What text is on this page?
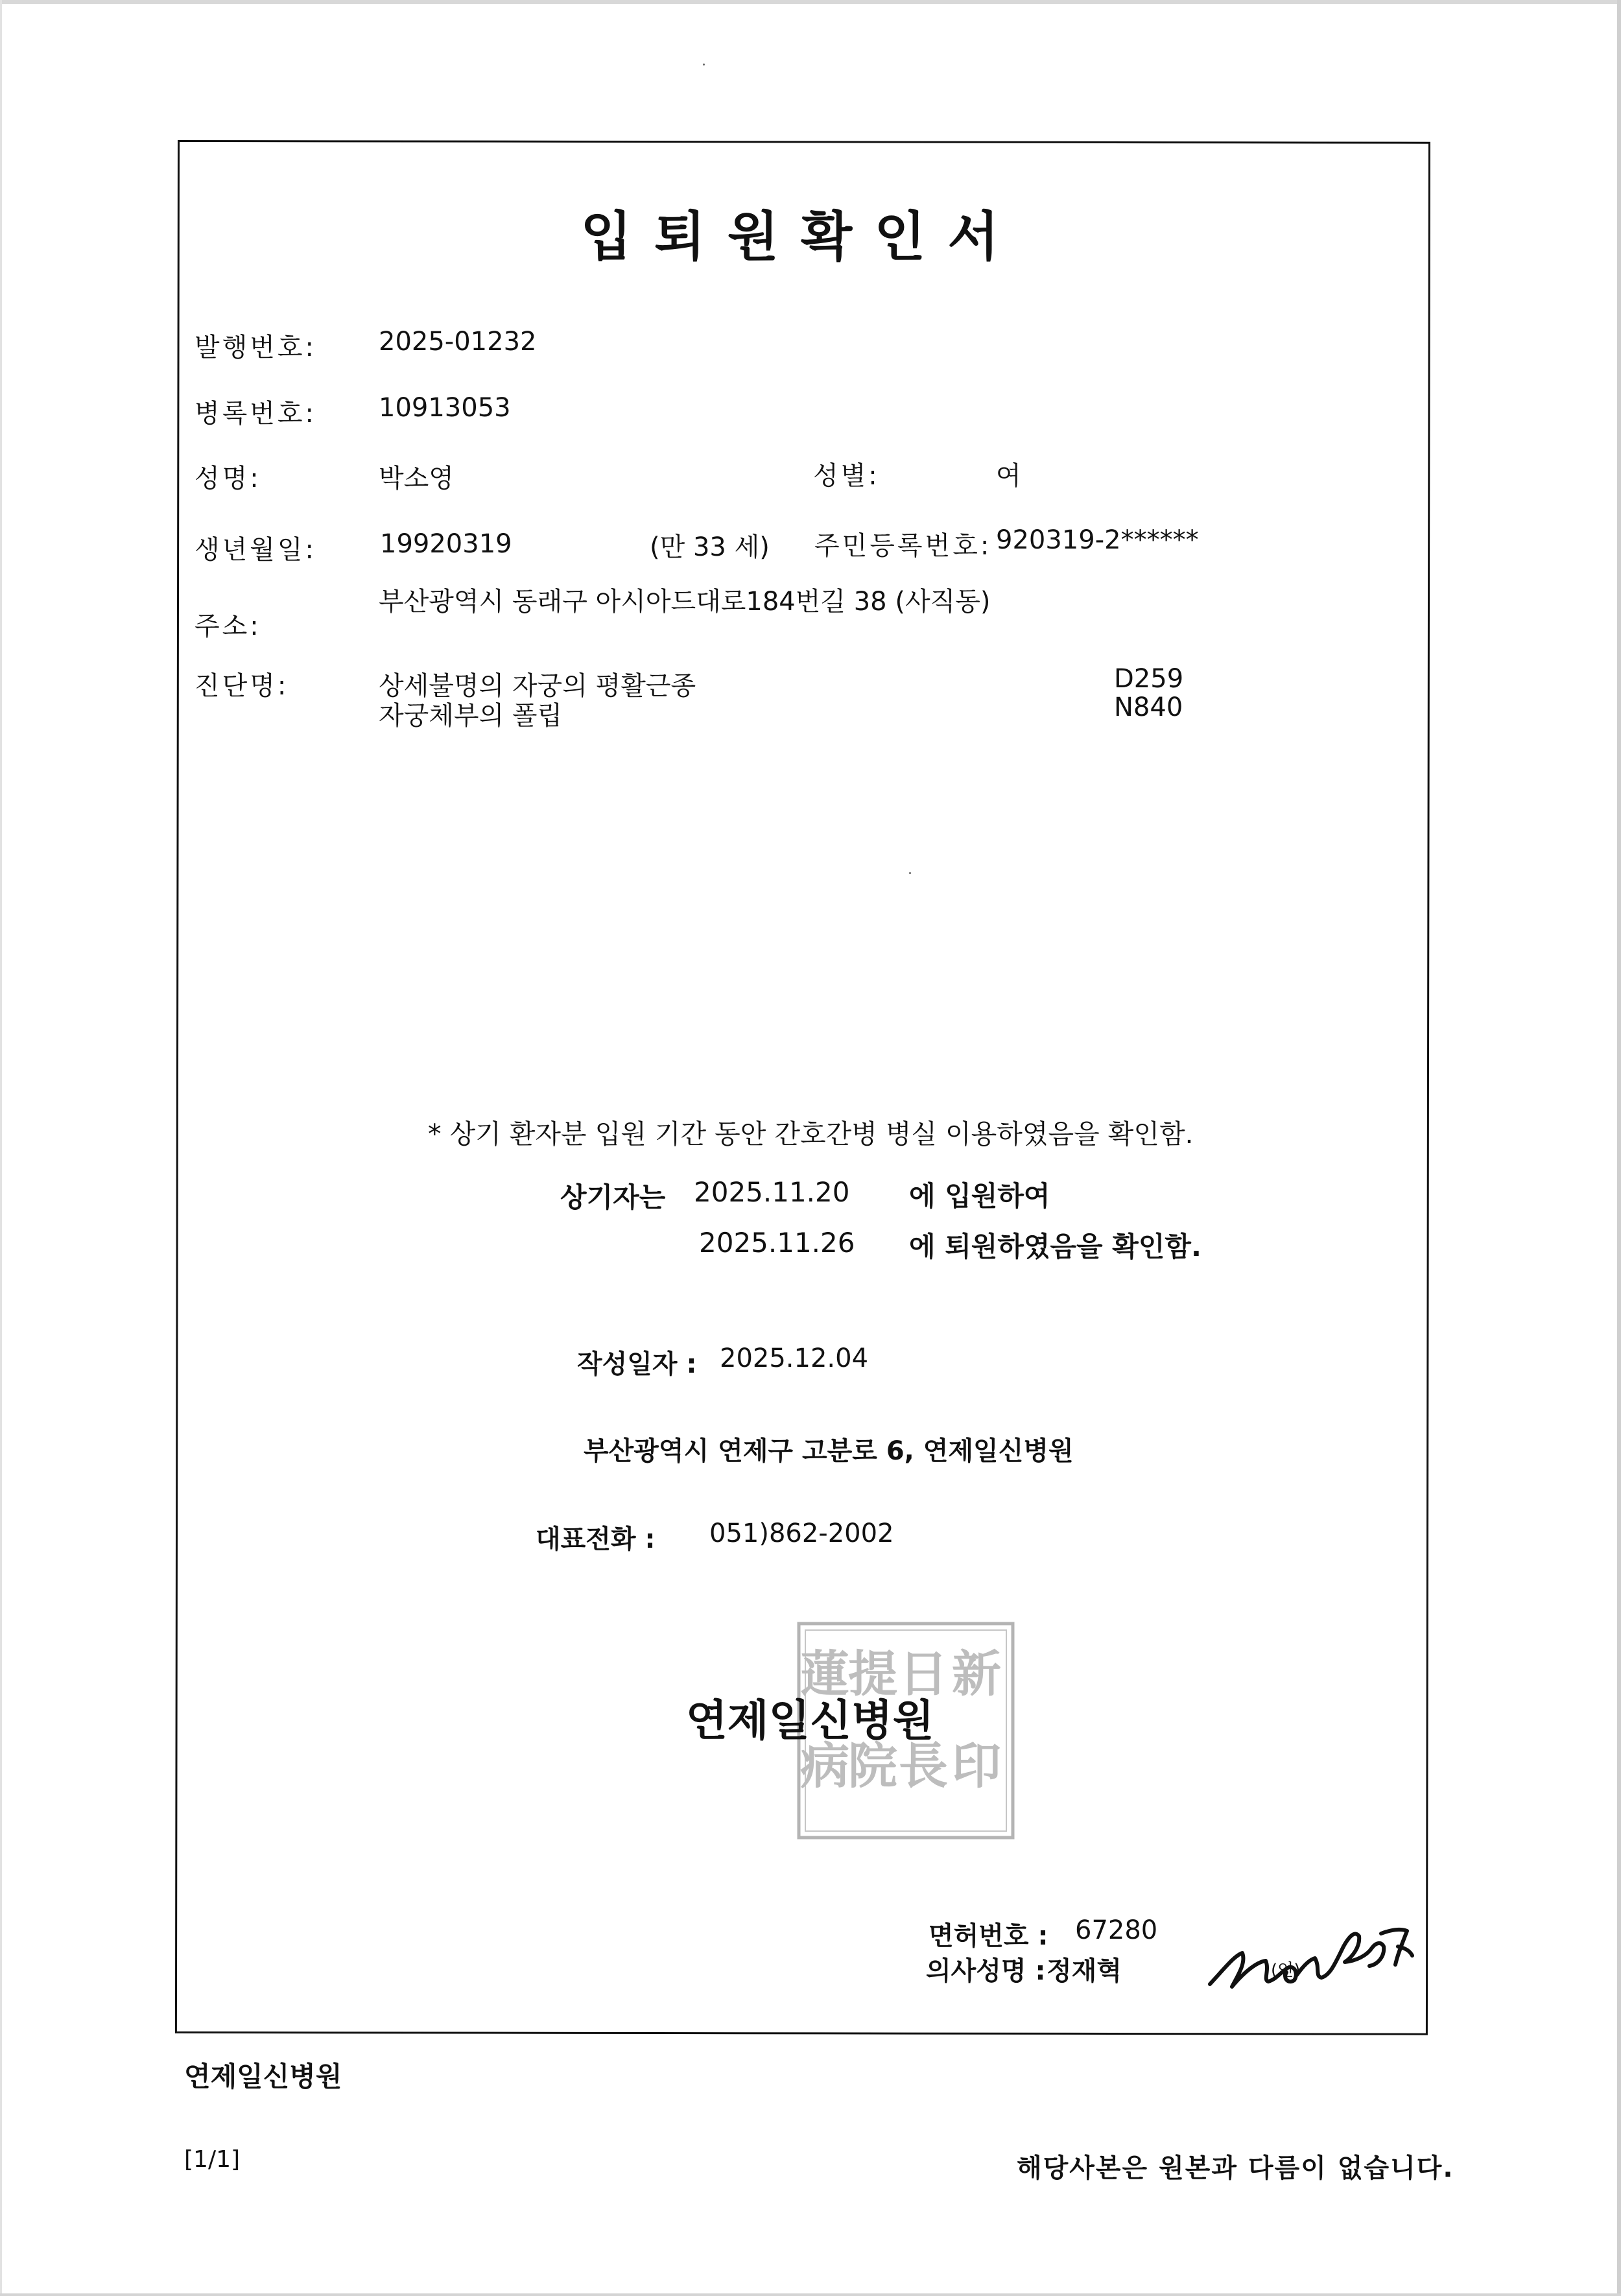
입퇴원확인서
발행번호: 2025-01232
병록번호: 10913053
성명:	박소영	성별:	여
생년월일: 19920319	(만 33 세) 주민등록번호: 920319-2******
주소:
부산광역시 동래구 아시아드대로184번길 38 (사직동)
진단명:	상세불명의 자궁의 평활근종	D259
자궁체부의 폴립	N840
* 상기 환자분 입원 기간 동안 간호간병 병실 이용하였음을 확인함.
상기자는 2025.11.20 에 입원하여
2025.11.26 에 퇴원하였음을 확인함.
작성일자 : 2025.12.04
부산광역시 연제구 고분로 6, 연제일신병원
대표전화 : 051)862-2002
新
印
日
長
提
院
蓮
病
연제일신병원
면허번호 : 67280
의사성명 : 정재혁	(인)
연제일신병원
[1/1]	해당사본은 원본과 다름이 없습니다.
